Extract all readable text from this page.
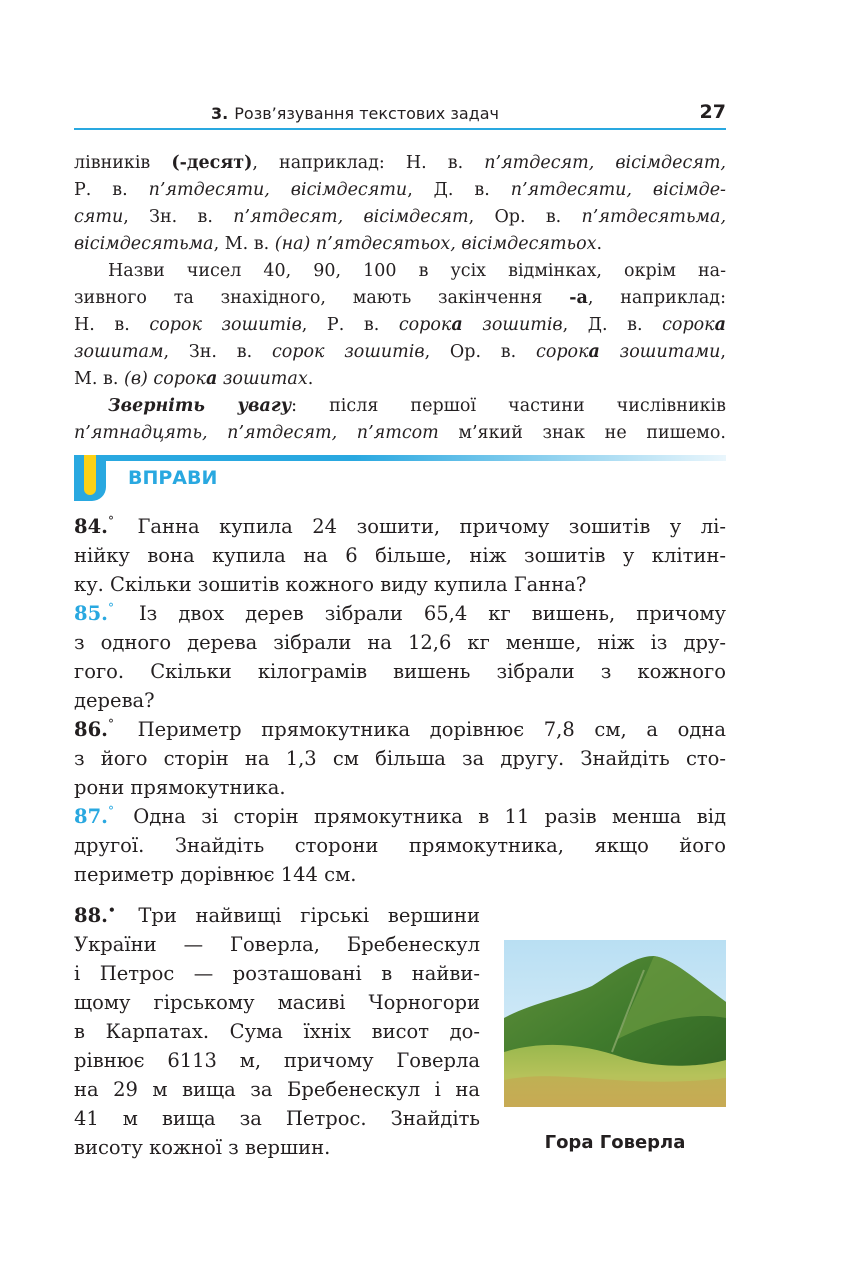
3. Розв’язування текстових задач	27
лівників (-десят), наприклад: Н. в. п’ятдесят, вісімдесят,
Р. в. п’ятдесяти, вісімдесяти, Д. в. п’ятдесяти, вісімде-
сяти, Зн. в. п’ятдесят, вісімдесят, Ор. в. п’ятдесятьма,
вісімдесятьма, М. в. (на) п’ятдесятьох, вісімдесятьох.
Назви чисел 40, 90, 100 в усіх відмінках, окрім на-
зивного та знахідного, мають закінчення -а, наприклад:
Н. в. сорок зошитів, Р. в. сорока зошитів, Д. в. сорока
зошитам, Зн. в. сорок зошитів, Ор. в. сорока зошитами,
М. в. (в) сорока зошитах.
Зверніть увагу: після першої частини числівників
п’ятнадцять, п’ятдесят, п’ятсот м’який знак не пишемо.
ВПРАВИ
84.° Ганна купила 24 зошити, причому зошитів у лі-
нійку вона купила на 6 більше, ніж зошитів у клітин-
ку. Скільки зошитів кожного виду купила Ганна?
85.° Із двох дерев зібрали 65,4 кг вишень, причому
з одного дерева зібрали на 12,6 кг менше, ніж із дру-
гого. Скільки кілограмів вишень зібрали з кожного
дерева?
86.° Периметр прямокутника дорівнює 7,8 см, а одна
з його сторін на 1,3 см більша за другу. Знайдіть сто-
рони прямокутника.
87.° Одна зі сторін прямокутника в 11 разів менша від
другої. Знайдіть сторони прямокутника, якщо його
периметр дорівнює 144 см.
88.• Три найвищі гірські вершини
України — Говерла, Бребенескул
і Петрос — розташовані в найви-
щому гірському масиві Чорногори
в Карпатах. Сума їхніх висот до-
рівнює 6113 м, причому Говерла
на 29 м вища за Бребенескул і на
41 м вища за Петрос. Знайдіть
висоту кожної з вершин.	Гора Говерла
